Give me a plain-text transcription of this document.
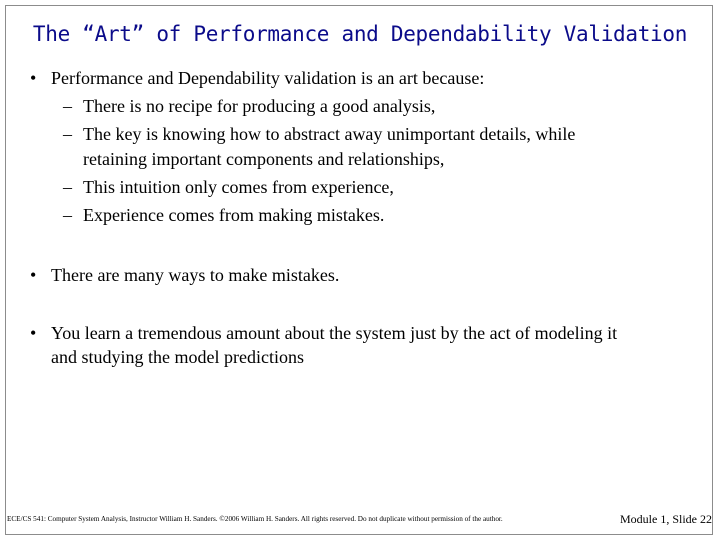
The “Art” of Performance and Dependability Validation
• Performance and Dependability validation is an art because:
– There is no recipe for producing a good analysis,
– The key is knowing how to abstract away unimportant details, while
retaining important components and relationships,
– This intuition only comes from experience,
– Experience comes from making mistakes.
• There are many ways to make mistakes.
• You learn a tremendous amount about the system just by the act of modeling it
and studying the model predictions
ECE/CS 541: Computer System Analysis, Instructor William H. Sanders. ©2006 William H. Sanders. All rights reserved. Do not duplicate without permission of the author.	Module 1, Slide 22
